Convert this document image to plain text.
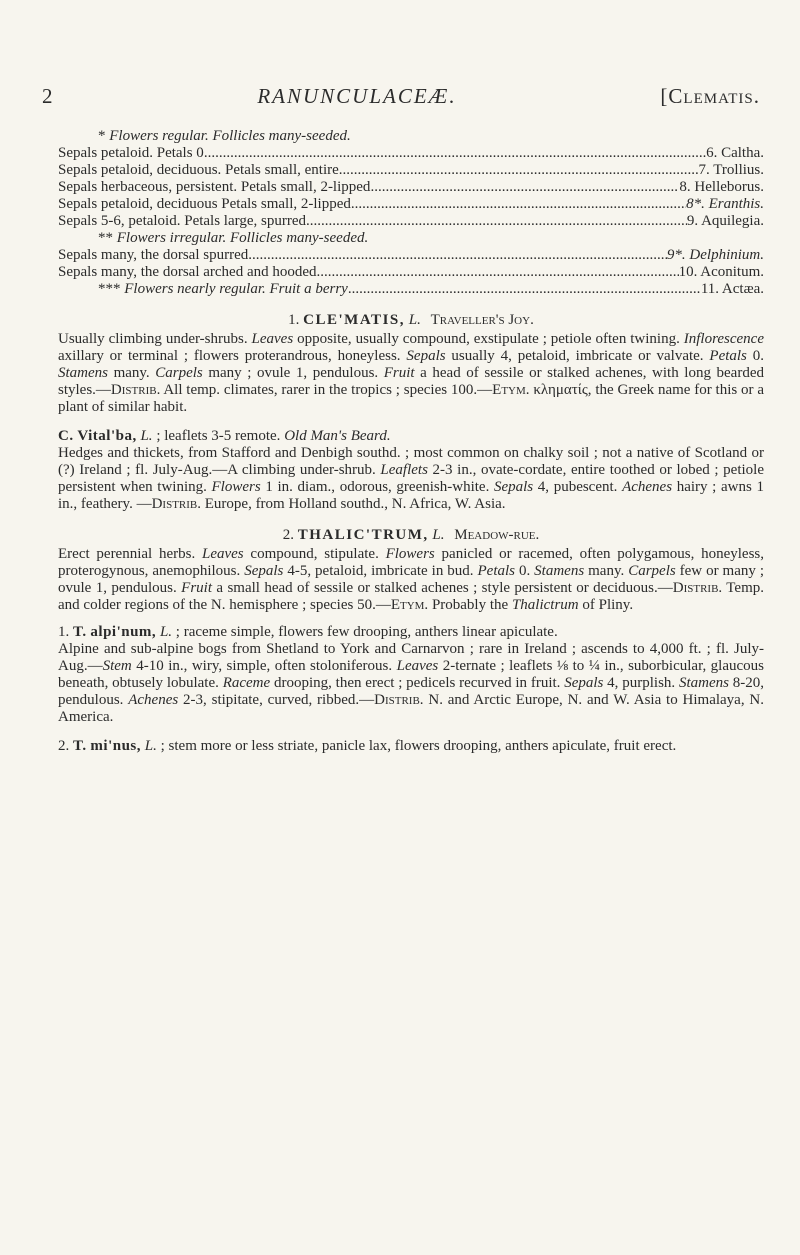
2	RANUNCULACEÆ.	[Clematis.
* Flowers regular. Follicles many-seeded.
Sepals petaloid. Petals 0 .....	6. Caltha.
Sepals petaloid, deciduous. Petals small, entire .....	7. Trollius.
Sepals herbaceous, persistent. Petals small, 2-lipped .....	8. Helleborus.
Sepals petaloid, deciduous Petals small, 2-lipped .....	8*. Eranthis.
Sepals 5-6, petaloid. Petals large, spurred .....	9. Aquilegia.
** Flowers irregular. Follicles many-seeded.
Sepals many, the dorsal spurred .....	9*. Delphinium.
Sepals many, the dorsal arched and hooded .....	10. Aconitum.
*** Flowers nearly regular. Fruit a berry .....	11. Actæa.
1. CLE'MATIS, L. Traveller's Joy.
Usually climbing under-shrubs. Leaves opposite, usually compound, exstipulate ; petiole often twining. Inflorescence axillary or terminal ; flowers proterandrous, honeyless. Sepals usually 4, petaloid, imbricate or valvate. Petals 0. Stamens many. Carpels many ; ovule 1, pendulous. Fruit a head of sessile or stalked achenes, with long bearded styles.—Distrib. All temp. climates, rarer in the tropics ; species 100.—Etym. κληματίς, the Greek name for this or a plant of similar habit.
C. Vital'ba, L. ; leaflets 3-5 remote. Old Man's Beard.
Hedges and thickets, from Stafford and Denbigh southd. ; most common on chalky soil ; not a native of Scotland or (?) Ireland ; fl. July-Aug.—A climbing under-shrub. Leaflets 2-3 in., ovate-cordate, entire toothed or lobed ; petiole persistent when twining. Flowers 1 in. diam., odorous, greenish-white. Sepals 4, pubescent. Achenes hairy ; awns 1 in., feathery. —Distrib. Europe, from Holland southd., N. Africa, W. Asia.
2. THALIC'TRUM, L. Meadow-rue.
Erect perennial herbs. Leaves compound, stipulate. Flowers panicled or racemed, often polygamous, honeyless, proterogynous, anemophilous. Sepals 4-5, petaloid, imbricate in bud. Petals 0. Stamens many. Carpels few or many ; ovule 1, pendulous. Fruit a small head of sessile or stalked achenes ; style persistent or deciduous.—Distrib. Temp. and colder regions of the N. hemisphere ; species 50.—Etym. Probably the Thalictrum of Pliny.
1. T. alpi'num, L. ; raceme simple, flowers few drooping, anthers linear apiculate.
Alpine and sub-alpine bogs from Shetland to York and Carnarvon ; rare in Ireland ; ascends to 4,000 ft. ; fl. July-Aug.—Stem 4-10 in., wiry, simple, often stoloniferous. Leaves 2-ternate ; leaflets ⅛ to ¼ in., suborbicular, glaucous beneath, obtusely lobulate. Raceme drooping, then erect ; pedicels recurved in fruit. Sepals 4, purplish. Stamens 8-20, pendulous. Achenes 2-3, stipitate, curved, ribbed.—Distrib. N. and Arctic Europe, N. and W. Asia to Himalaya, N. America.
2. T. mi'nus, L. ; stem more or less striate, panicle lax, flowers drooping, anthers apiculate, fruit erect.
